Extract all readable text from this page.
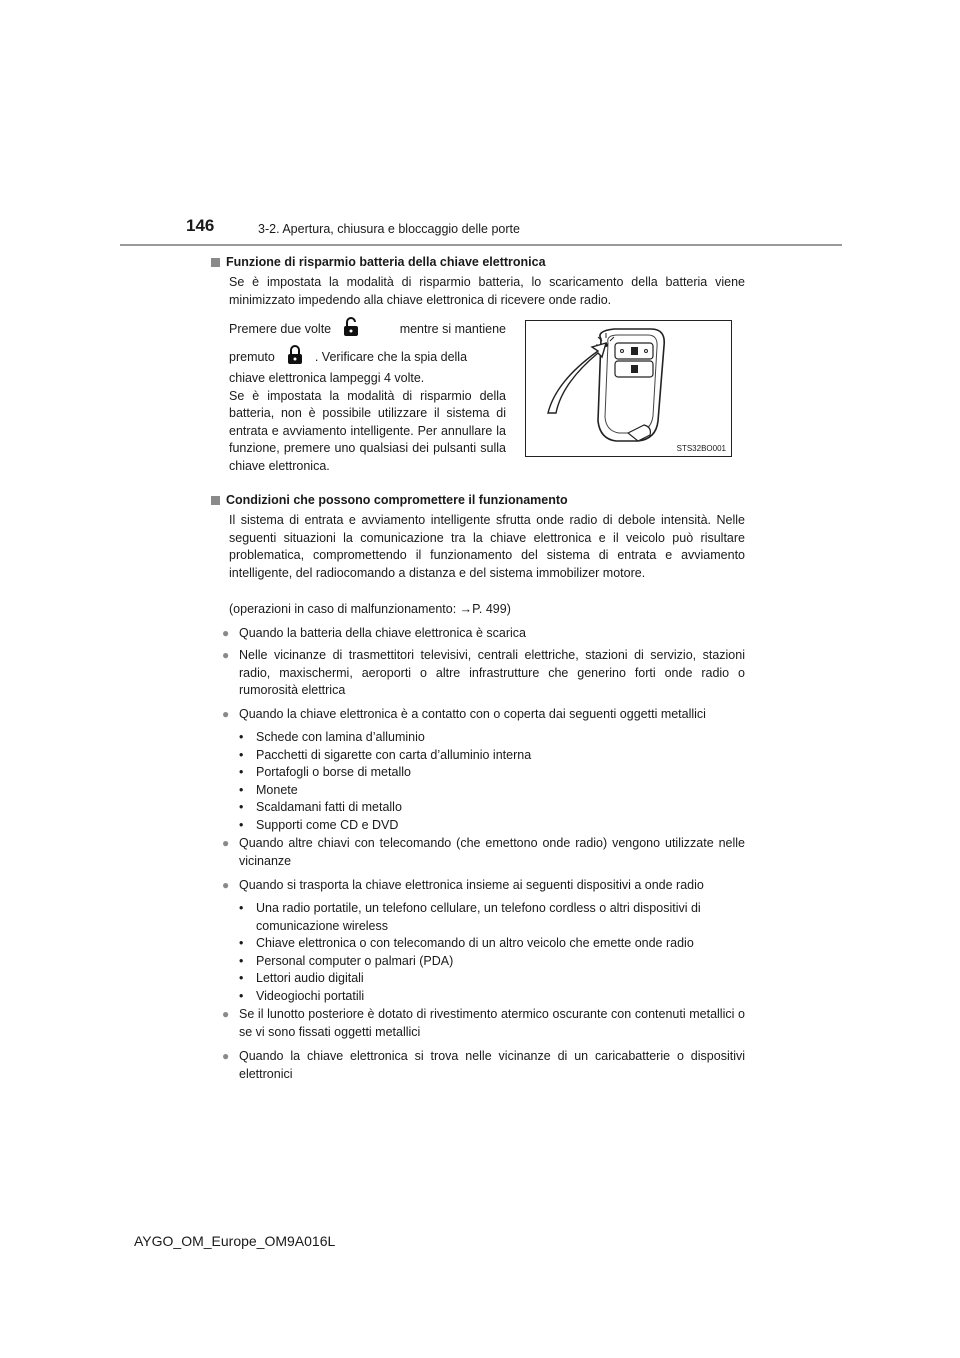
146	3-2. Apertura, chiusura e bloccaggio delle porte
Funzione di risparmio batteria della chiave elettronica
Se è impostata la modalità di risparmio batteria, lo scaricamento della batteria viene minimizzato impedendo alla chiave elettronica di ricevere onde radio.
Premere due volte	mentre si mantiene
premuto	. Verificare che la spia della
chiave elettronica lampeggi 4 volte.
Se è impostata la modalità di risparmio della batteria, non è possibile utilizzare il sistema di entrata e avviamento intelligente. Per annullare la funzione, premere uno qualsiasi dei pulsanti sulla chiave elettronica.
STS32BO001
Condizioni che possono compromettere il funzionamento
Il sistema di entrata e avviamento intelligente sfrutta onde radio di debole intensità. Nelle seguenti situazioni la comunicazione tra la chiave elettronica e il veicolo può risultare problematica, compromettendo il funzionamento del sistema di entrata e avviamento intelligente, del radiocomando a distanza e del sistema immobilizer motore.
(operazioni in caso di malfunzionamento: →P. 499)
● Quando la batteria della chiave elettronica è scarica
● Nelle vicinanze di trasmettitori televisivi, centrali elettriche, stazioni di servizio, stazioni radio, maxischermi, aeroporti o altre infrastrutture che generino forti onde radio o rumorosità elettrica
● Quando la chiave elettronica è a contatto con o coperta dai seguenti oggetti metallici
•	Schede con lamina d’alluminio
•	Pacchetti di sigarette con carta d’alluminio interna
•	Portafogli o borse di metallo
•	Monete
•	Scaldamani fatti di metallo
•	Supporti come CD e DVD
● Quando altre chiavi con telecomando (che emettono onde radio) vengono utilizzate nelle vicinanze
● Quando si trasporta la chiave elettronica insieme ai seguenti dispositivi a onde radio
•	Una radio portatile, un telefono cellulare, un telefono cordless o altri dispositivi di comunicazione wireless
•	Chiave elettronica o con telecomando di un altro veicolo che emette onde radio
•	Personal computer o palmari (PDA)
•	Lettori audio digitali
•	Videogiochi portatili
● Se il lunotto posteriore è dotato di rivestimento atermico oscurante con contenuti metallici o se vi sono fissati oggetti metallici
● Quando la chiave elettronica si trova nelle vicinanze di un caricabatterie o dispositivi elettronici
AYGO_OM_Europe_OM9A016L
